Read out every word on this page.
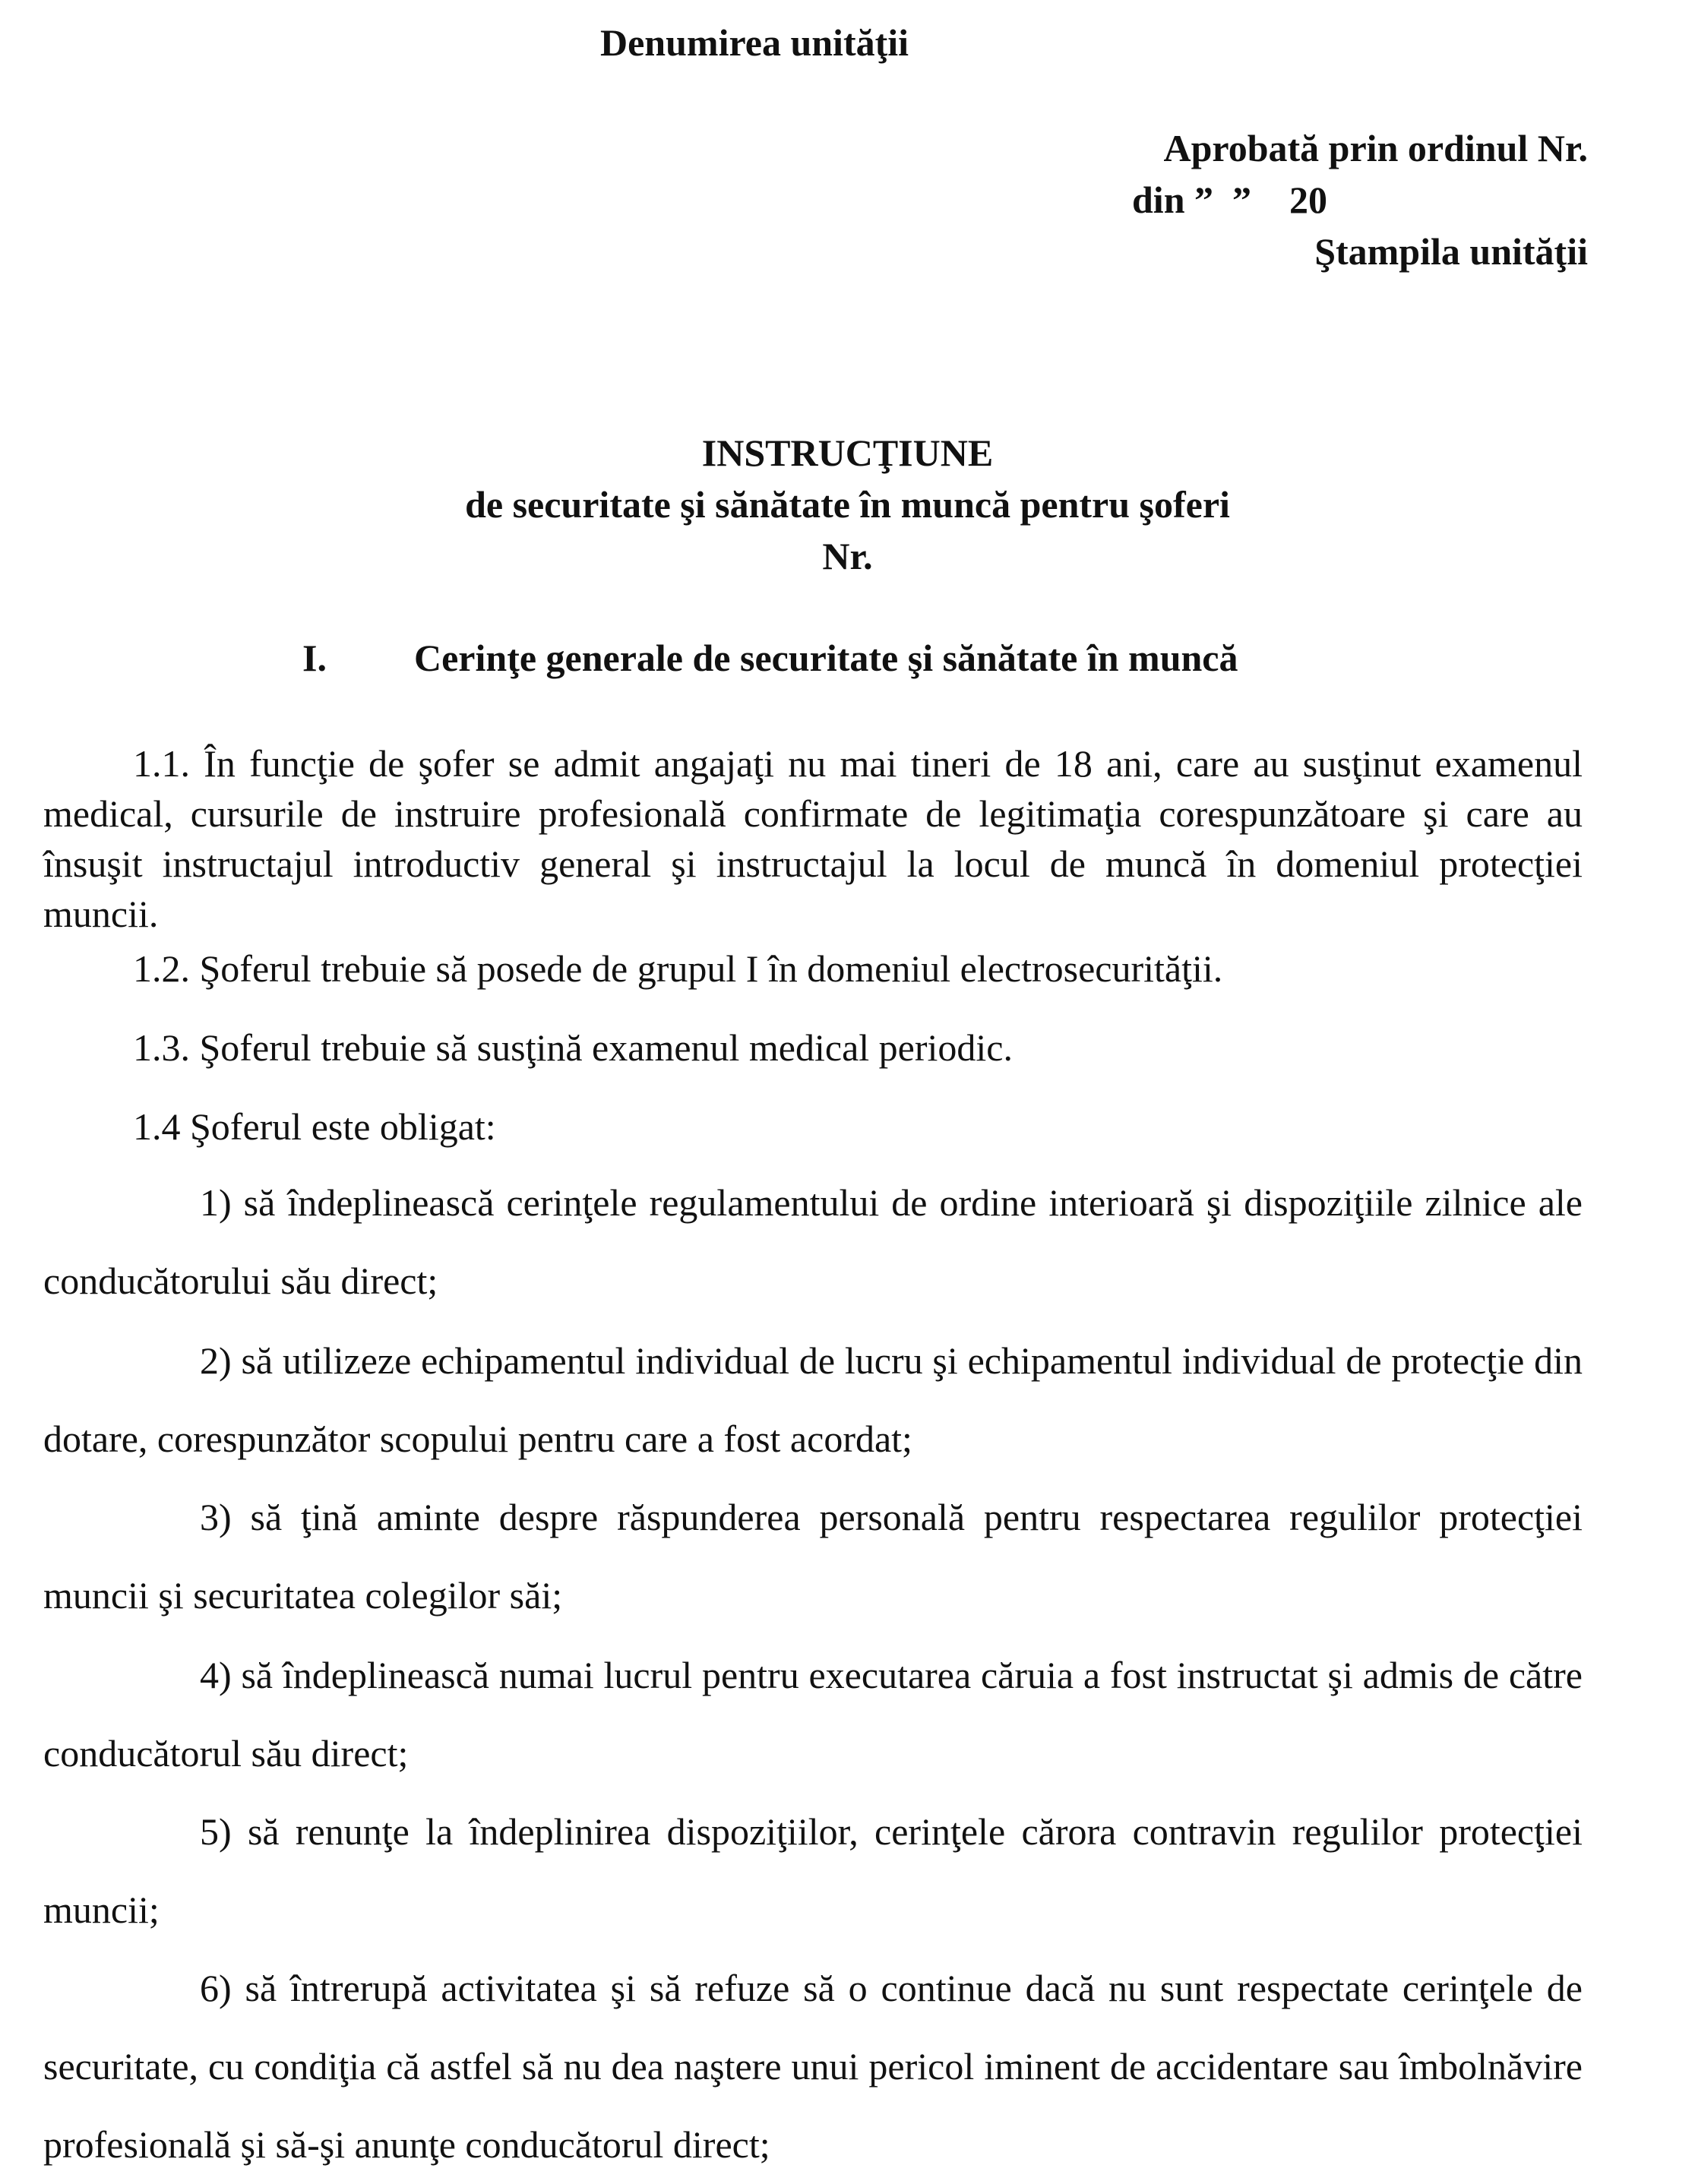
Denumirea unităţii
Aprobată prin ordinul Nr.
din ”  ”    20
Ştampila unităţii
INSTRUCŢIUNE
de securitate şi sănătate în muncă pentru şoferi
Nr.
I. Cerinţe generale de securitate şi sănătate în muncă
1.1. În funcţie de şofer se admit angajaţi nu mai tineri de 18 ani, care au susţinut examenul medical, cursurile de instruire profesională confirmate de legitimaţia corespunzătoare şi care au însuşit instructajul introductiv general şi instructajul la locul de muncă în domeniul protecţiei muncii.
1.2. Şoferul trebuie să posede de grupul I în domeniul electrosecurităţii.
1.3. Şoferul trebuie să susţină examenul medical periodic.
1.4 Şoferul este obligat:
1) să îndeplinească cerinţele regulamentului de ordine interioară şi dispoziţiile zilnice ale conducătorului său direct;
2) să utilizeze echipamentul individual de lucru şi echipamentul individual de protecţie din dotare, corespunzător scopului pentru care a fost acordat;
3) să ţină aminte despre răspunderea personală pentru respectarea regulilor protecţiei muncii şi securitatea colegilor săi;
4) să îndeplinească numai lucrul pentru executarea căruia a fost instructat şi admis de către conducătorul său direct;
5) să renunţe la îndeplinirea dispoziţiilor, cerinţele cărora contravin regulilor protecţiei muncii;
6) să întrerupă activitatea şi să refuze să o continue dacă nu sunt respectate cerinţele de securitate, cu condiţia că astfel să nu dea naştere unui pericol iminent de accidentare sau îmbolnăvire profesională şi să-şi anunţe conducătorul direct;
